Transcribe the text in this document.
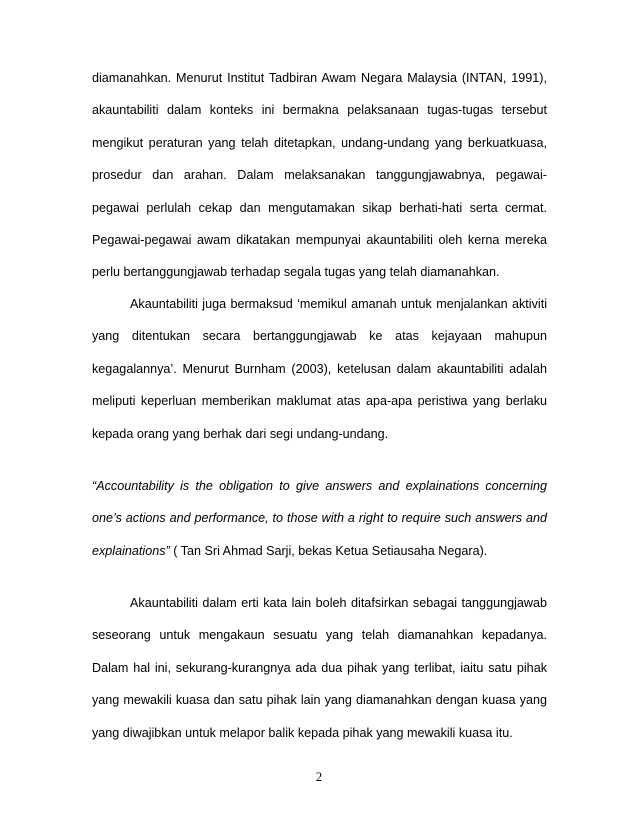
diamanahkan. Menurut Institut Tadbiran Awam Negara Malaysia (INTAN, 1991),
akauntabiliti dalam konteks ini bermakna pelaksanaan tugas-tugas tersebut
mengikut peraturan yang telah ditetapkan, undang-undang yang berkuatkuasa,
prosedur dan arahan. Dalam melaksanakan tanggungjawabnya, pegawai-
pegawai perlulah cekap dan mengutamakan sikap berhati-hati serta cermat.
Pegawai-pegawai awam dikatakan mempunyai akauntabiliti oleh kerna mereka
perlu bertanggungjawab terhadap segala tugas yang telah diamanahkan.
Akauntabiliti juga bermaksud ‘memikul amanah untuk menjalankan aktiviti
yang ditentukan secara bertanggungjawab ke atas kejayaan mahupun
kegagalannya’. Menurut Burnham (2003), ketelusan dalam akauntabiliti adalah
meliputi keperluan memberikan maklumat atas apa-apa peristiwa yang berlaku
kepada orang yang berhak dari segi undang-undang.
“Accountability is the obligation to give answers and explainations concerning
one’s actions and performance, to those with a right to require such answers and
explainations” ( Tan Sri Ahmad Sarji, bekas Ketua Setiausaha Negara).
Akauntabiliti dalam erti kata lain boleh ditafsirkan sebagai tanggungjawab
seseorang untuk mengakaun sesuatu yang telah diamanahkan kepadanya.
Dalam hal ini, sekurang-kurangnya ada dua pihak yang terlibat, iaitu satu pihak
yang mewakili kuasa dan satu pihak lain yang diamanahkan dengan kuasa yang
yang diwajibkan untuk melapor balik kepada pihak yang mewakili kuasa itu.
2
